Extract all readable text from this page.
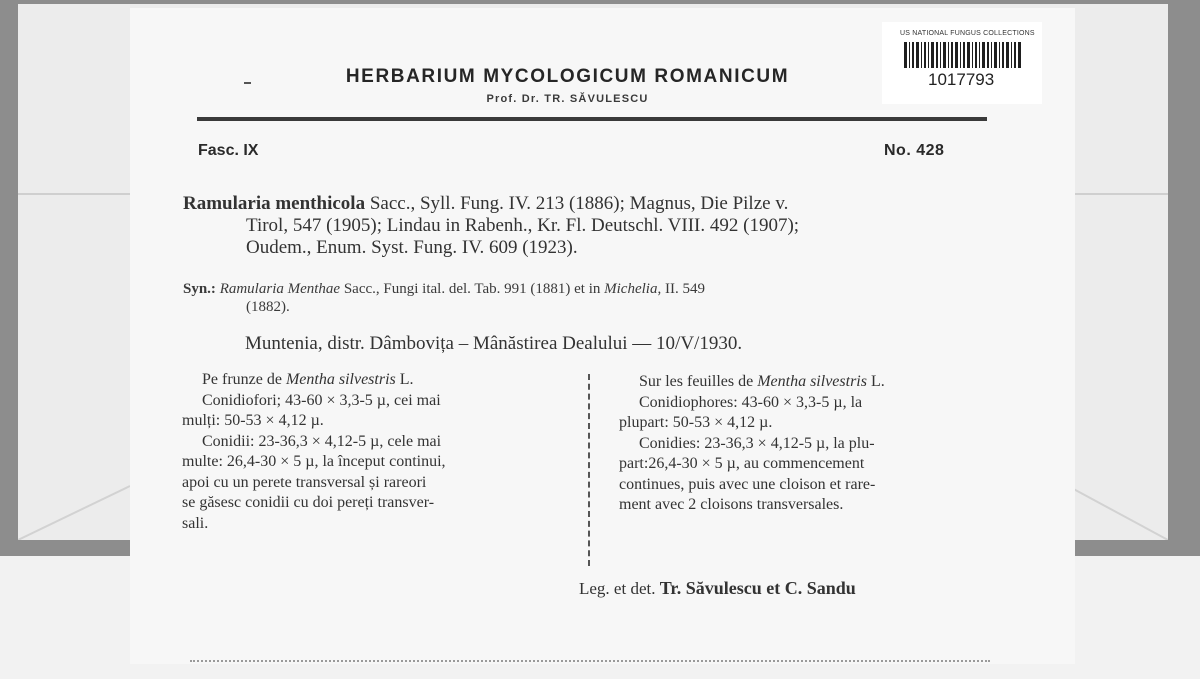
US NATIONAL FUNGUS COLLECTIONS
1017793
HERBARIUM MYCOLOGICUM ROMANICUM
Prof. Dr. TR. SĂVULESCU
Fasc. IX	No. 428
Ramularia menthicola Sacc., Syll. Fung. IV. 213 (1886); Magnus, Die Pilze v.
Tirol, 547 (1905); Lindau in Rabenh., Kr. Fl. Deutschl. VIII. 492 (1907);
Oudem., Enum. Syst. Fung. IV. 609 (1923).
Syn.: Ramularia Menthae Sacc., Fungi ital. del. Tab. 991 (1881) et in Michelia, II. 549
(1882).
Muntenia, distr. Dâmbovița – Mânăstirea Dealului — 10/V/1930.
Pe frunze de Mentha silvestris L.
Conidiofori; 43-60 × 3,3-5 µ, cei mai
mulți: 50-53 × 4,12 µ.
Conidii: 23-36,3 × 4,12-5 µ, cele mai
multe: 26,4-30 × 5 µ, la început continui,
apoi cu un perete transversal și rareori
se găsesc conidii cu doi pereți transver-
sali.
Sur les feuilles de Mentha silvestris L.
Conidiophores: 43-60 × 3,3-5 µ, la
plupart: 50-53 × 4,12 µ.
Conidies: 23-36,3 × 4,12-5 µ, la plu-
part:26,4-30 × 5 µ, au commencement
continues, puis avec une cloison et rare-
ment avec 2 cloisons transversales.
Leg. et det. Tr. Săvulescu et C. Sandu
